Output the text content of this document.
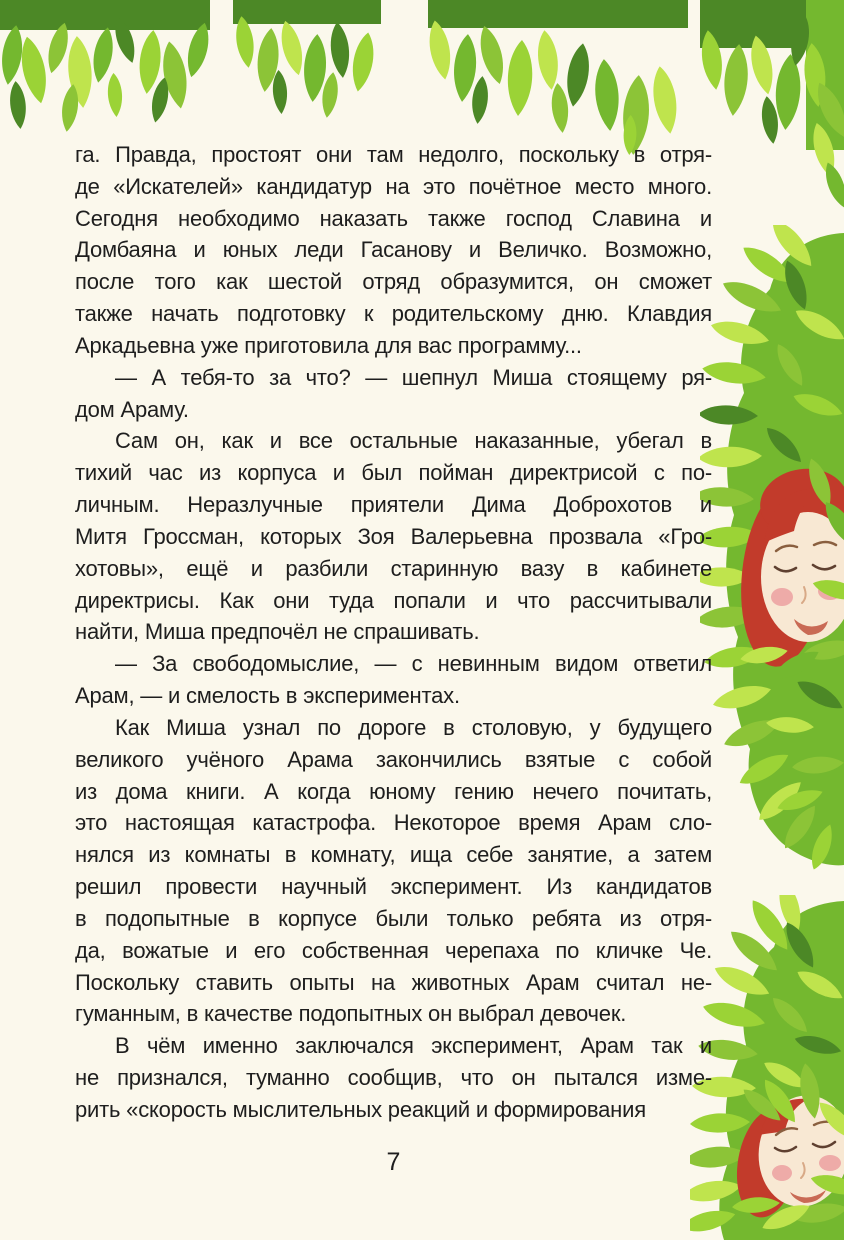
га. Правда, простоят они там недолго, поскольку в отря-
де «Искателей» кандидатур на это почётное место много.
Сегодня необходимо наказать также господ Славина и
Домбаяна и юных леди Гасанову и Величко. Возможно,
после того как шестой отряд образумится, он сможет
также начать подготовку к родительскому дню. Клавдия
Аркадьевна уже приготовила для вас программу...
— А тебя-то за что? — шепнул Миша стоящему ря-
дом Араму.
Сам он, как и все остальные наказанные, убегал в
тихий час из корпуса и был пойман директрисой с по-
личным. Неразлучные приятели Дима Доброхотов и
Митя Гроссман, которых Зоя Валерьевна прозвала «Гро-
хотовы», ещё и разбили старинную вазу в кабинете
директрисы. Как они туда попали и что рассчитывали
найти, Миша предпочёл не спрашивать.
— За свободомыслие, — с невинным видом ответил
Арам, — и смелость в экспериментах.
Как Миша узнал по дороге в столовую, у будущего
великого учёного Арама закончились взятые с собой
из дома книги. А когда юному гению нечего почитать,
это настоящая катастрофа. Некоторое время Арам сло-
нялся из комнаты в комнату, ища себе занятие, а затем
решил провести научный эксперимент. Из кандидатов
в подопытные в корпусе были только ребята из отря-
да, вожатые и его собственная черепаха по кличке Че.
Поскольку ставить опыты на животных Арам считал не-
гуманным, в качестве подопытных он выбрал девочек.
В чём именно заключался эксперимент, Арам так и
не признался, туманно сообщив, что он пытался изме-
рить «скорость мыслительных реакций и формирования
7
